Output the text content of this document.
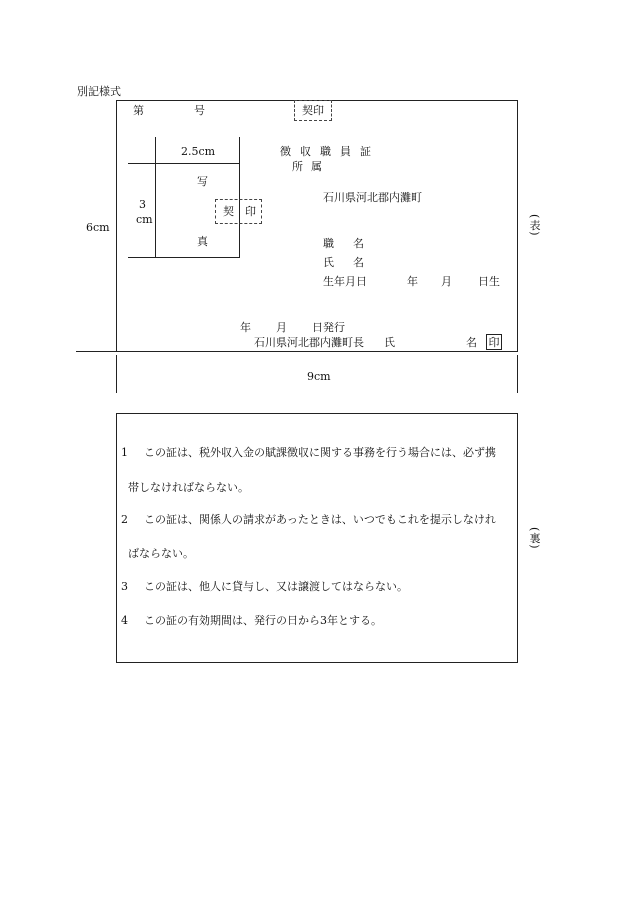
別記様式
6cm
9cm
(表)
第	号	契印
2.5cm
3
cm
写
真
契 印
徴収職員証
所属
石川県河北郡内灘町
職名
氏名
生年月日	年 月 日生
年 月 日発行
石川県河北郡内灘町長 氏	名 印
(裏)
1 この証は、税外収入金の賦課徴収に関する事務を行う場合には、必ず携
帯しなければならない。
2 この証は、関係人の請求があったときは、いつでもこれを提示しなけれ
ばならない。
3 この証は、他人に貸与し、又は譲渡してはならない。
4 この証の有効期間は、発行の日から3年とする。
